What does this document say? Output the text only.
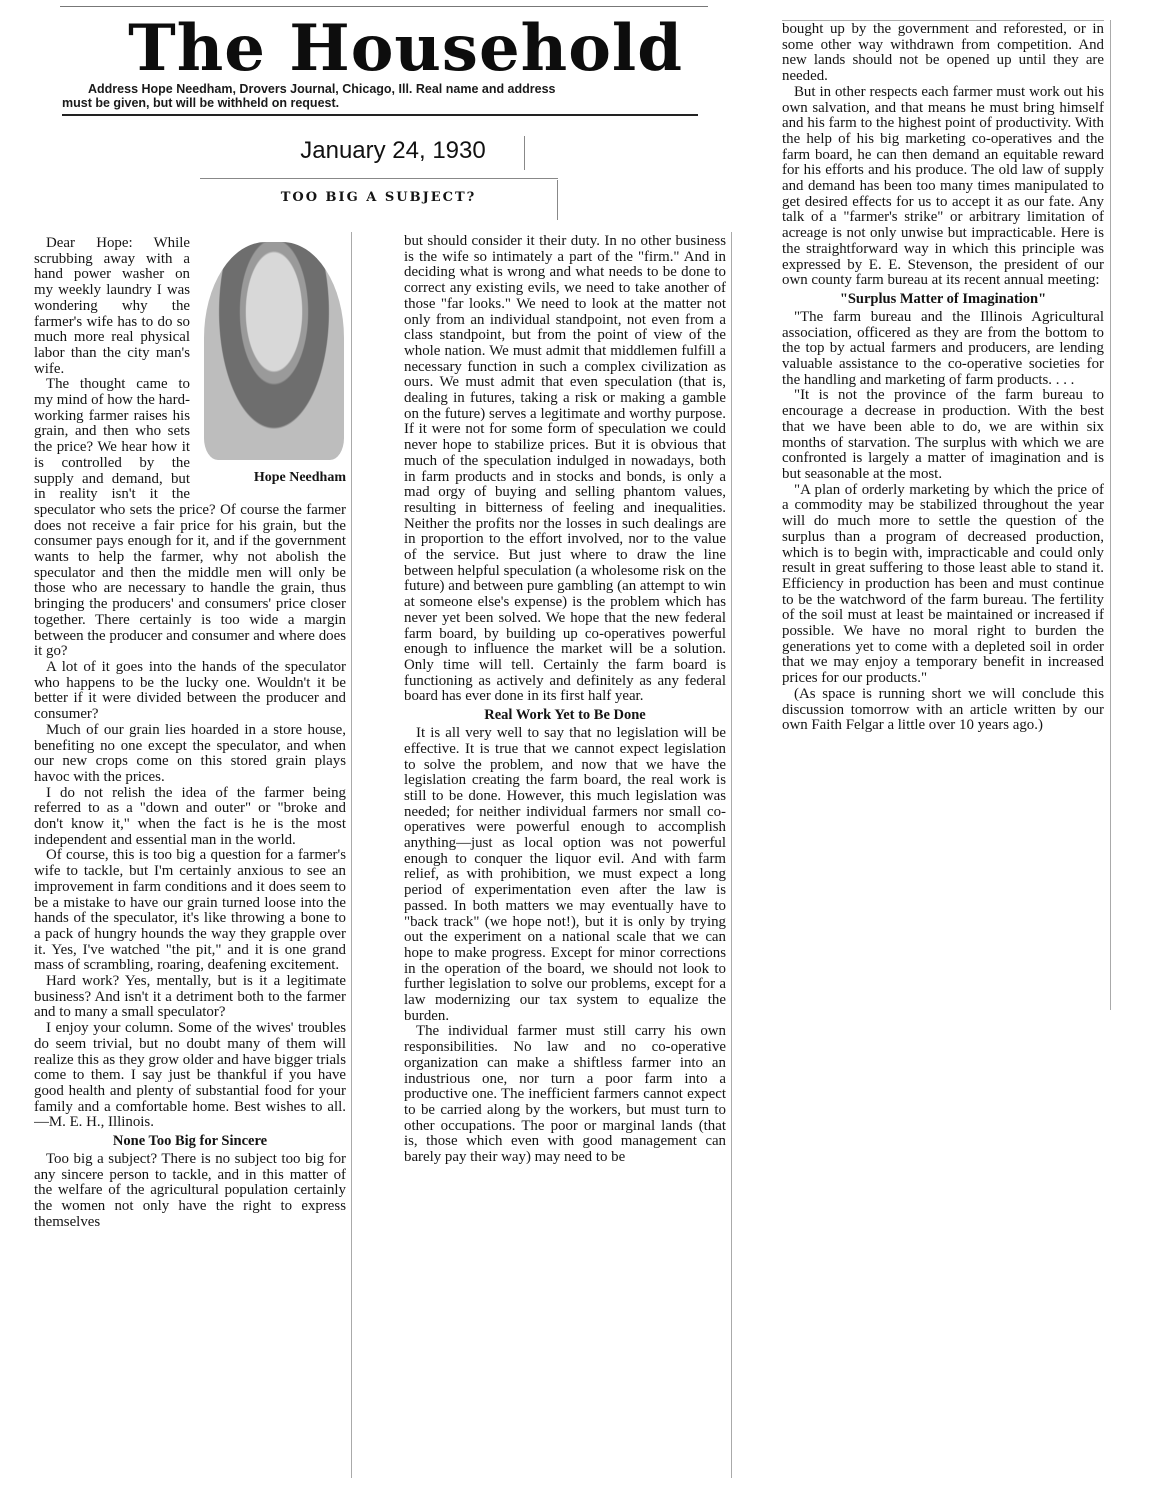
The Household
Address Hope Needham, Drovers Journal, Chicago, Ill. Real name and address
must be given, but will be withheld on request.
January 24, 1930
TOO BIG A SUBJECT?
Hope Needham

Dear Hope: While scrubbing away with a hand power washer on my weekly laundry I was wondering why the farmer's wife has to do so much more real physical labor than the city man's wife.

The thought came to my mind of how the hard-working farmer raises his grain, and then who sets the price? We hear how it is controlled by the supply and demand, but in reality isn't it the speculator who sets the price? Of course the farmer does not receive a fair price for his grain, but the consumer pays enough for it, and if the government wants to help the farmer, why not abolish the speculator and then the middle men will only be those who are necessary to handle the grain, thus bringing the producers' and consumers' price closer together. There certainly is too wide a margin between the producer and consumer and where does it go?

A lot of it goes into the hands of the speculator who happens to be the lucky one. Wouldn't it be better if it were divided between the producer and consumer?

Much of our grain lies hoarded in a store house, benefiting no one except the speculator, and when our new crops come on this stored grain plays havoc with the prices.

I do not relish the idea of the farmer being referred to as a "down and outer" or "broke and don't know it," when the fact is he is the most independent and essential man in the world.

Of course, this is too big a question for a farmer's wife to tackle, but I'm certainly anxious to see an improvement in farm conditions and it does seem to be a mistake to have our grain turned loose into the hands of the speculator, it's like throwing a bone to a pack of hungry hounds the way they grapple over it. Yes, I've watched "the pit," and it is one grand mass of scrambling, roaring, deafening excitement.

Hard work? Yes, mentally, but is it a legitimate business? And isn't it a detriment both to the farmer and to many a small speculator?

I enjoy your column. Some of the wives' troubles do seem trivial, but no doubt many of them will realize this as they grow older and have bigger trials come to them. I say just be thankful if you have good health and plenty of substantial food for your family and a comfortable home. Best wishes to all.—M. E. H., Illinois.

None Too Big for Sincere

Too big a subject? There is no subject too big for any sincere person to tackle, and in this matter of the welfare of the agricultural population certainly the women not only have the right to express themselves

but should consider it their duty. In no other business is the wife so intimately a part of the "firm." And in deciding what is wrong and what needs to be done to correct any existing evils, we need to take another of those "far looks." We need to look at the matter not only from an individual standpoint, not even from a class standpoint, but from the point of view of the whole nation. We must admit that middlemen fulfill a necessary function in such a complex civilization as ours. We must admit that even speculation (that is, dealing in futures, taking a risk or making a gamble on the future) serves a legitimate and worthy purpose. If it were not for some form of speculation we could never hope to stabilize prices. But it is obvious that much of the speculation indulged in nowadays, both in farm products and in stocks and bonds, is only a mad orgy of buying and selling phantom values, resulting in bitterness of feeling and inequalities. Neither the profits nor the losses in such dealings are in proportion to the effort involved, nor to the value of the service. But just where to draw the line between helpful speculation (a wholesome risk on the future) and between pure gambling (an attempt to win at someone else's expense) is the problem which has never yet been solved. We hope that the new federal farm board, by building up co-operatives powerful enough to influence the market will be a solution. Only time will tell. Certainly the farm board is functioning as actively and definitely as any federal board has ever done in its first half year.

Real Work Yet to Be Done

It is all very well to say that no legislation will be effective. It is true that we cannot expect legislation to solve the problem, and now that we have the legislation creating the farm board, the real work is still to be done. However, this much legislation was needed; for neither individual farmers nor small co-operatives were powerful enough to accomplish anything—just as local option was not powerful enough to conquer the liquor evil. And with farm relief, as with prohibition, we must expect a long period of experimentation even after the law is passed. In both matters we may eventually have to "back track" (we hope not!), but it is only by trying out the experiment on a national scale that we can hope to make progress. Except for minor corrections in the operation of the board, we should not look to further legislation to solve our problems, except for a law modernizing our tax system to equalize the burden.

The individual farmer must still carry his own responsibilities. No law and no co-operative organization can make a shiftless farmer into an industrious one, nor turn a poor farm into a productive one. The inefficient farmers cannot expect to be carried along by the workers, but must turn to other occupations. The poor or marginal lands (that is, those which even with good management can barely pay their way) may need to be

bought up by the government and reforested, or in some other way withdrawn from competition. And new lands should not be opened up until they are needed.

But in other respects each farmer must work out his own salvation, and that means he must bring himself and his farm to the highest point of productivity. With the help of his big marketing co-operatives and the farm board, he can then demand an equitable reward for his efforts and his produce. The old law of supply and demand has been too many times manipulated to get desired effects for us to accept it as our fate. Any talk of a "farmer's strike" or arbitrary limitation of acreage is not only unwise but impracticable. Here is the straightforward way in which this principle was expressed by E. E. Stevenson, the president of our own county farm bureau at its recent annual meeting:

"Surplus Matter of Imagination"

"The farm bureau and the Illinois Agricultural association, officered as they are from the bottom to the top by actual farmers and producers, are lending valuable assistance to the co-operative societies for the handling and marketing of farm products. . . .

"It is not the province of the farm bureau to encourage a decrease in production. With the best that we have been able to do, we are within six months of starvation. The surplus with which we are confronted is largely a matter of imagination and is but seasonable at the most.

"A plan of orderly marketing by which the price of a commodity may be stabilized throughout the year will do much more to settle the question of the surplus than a program of decreased production, which is to begin with, impracticable and could only result in great suffering to those least able to stand it. Efficiency in production has been and must continue to be the watchword of the farm bureau. The fertility of the soil must at least be maintained or increased if possible. We have no moral right to burden the generations yet to come with a depleted soil in order that we may enjoy a temporary benefit in increased prices for our products."

(As space is running short we will conclude this discussion tomorrow with an article written by our own Faith Felgar a little over 10 years ago.)
